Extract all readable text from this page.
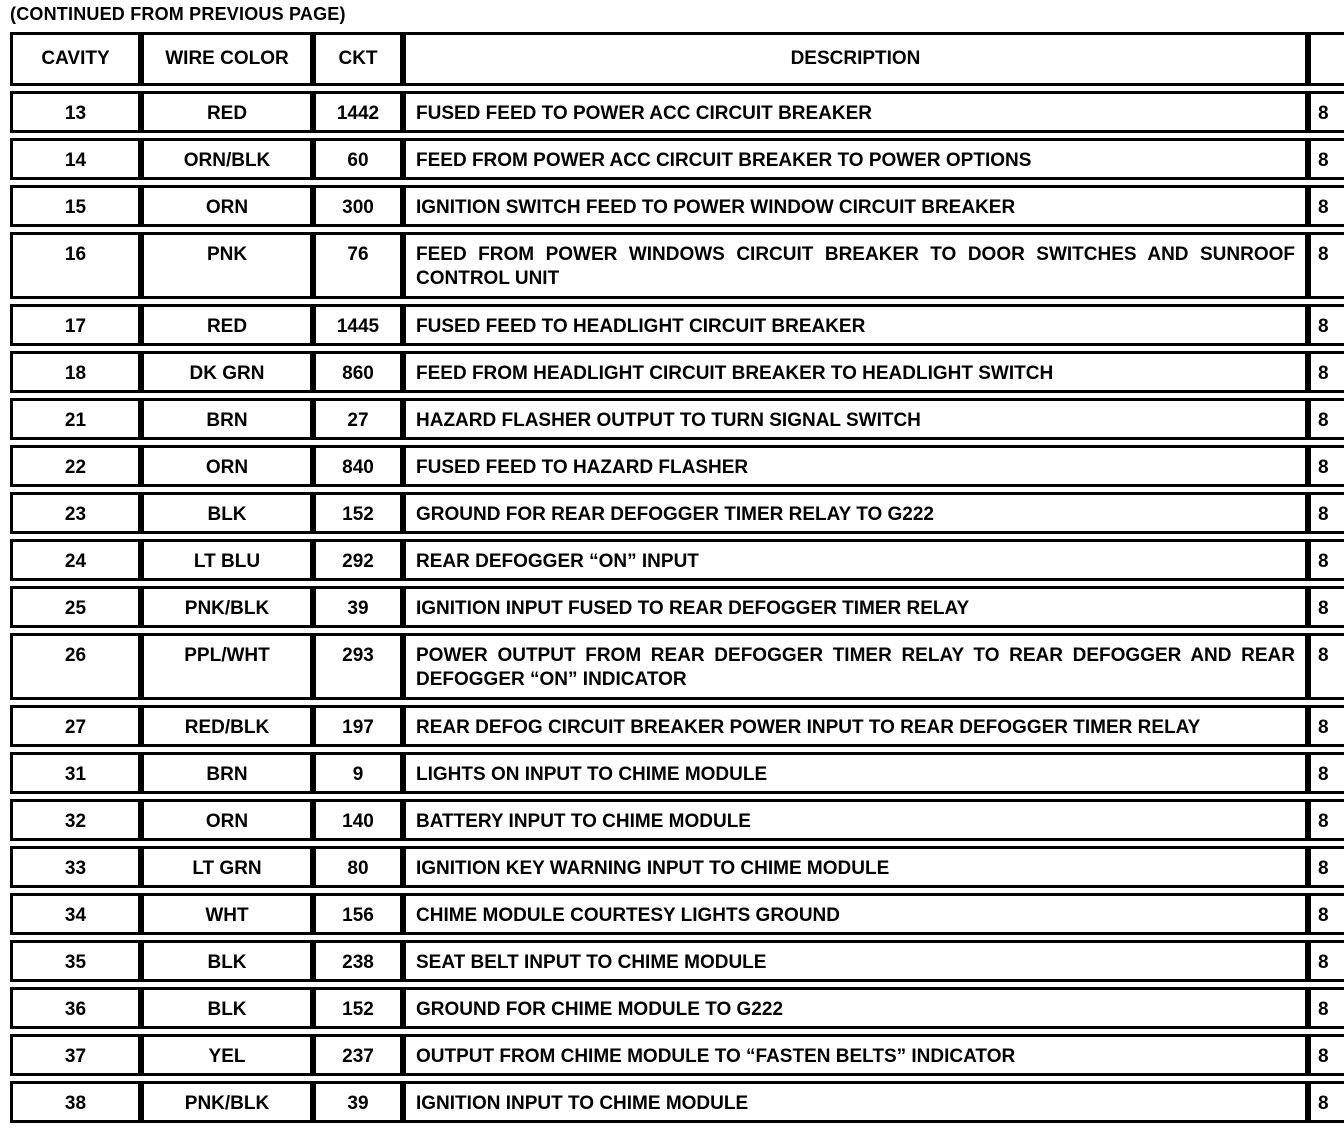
(CONTINUED FROM PREVIOUS PAGE)
CAVITY	WIRE COLOR	CKT	DESCRIPTION	

13	RED	1442	FUSED FEED TO POWER ACC CIRCUIT BREAKER	8

14	ORN/BLK	60	FEED FROM POWER ACC CIRCUIT BREAKER TO POWER OPTIONS	8

15	ORN	300	IGNITION SWITCH FEED TO POWER WINDOW CIRCUIT BREAKER	8

16	PNK	76	FEED FROM POWER WINDOWS CIRCUIT BREAKER TO DOOR SWITCHES AND SUNROOF CONTROL UNIT	8

17	RED	1445	FUSED FEED TO HEADLIGHT CIRCUIT BREAKER	8

18	DK GRN	860	FEED FROM HEADLIGHT CIRCUIT BREAKER TO HEADLIGHT SWITCH	8

21	BRN	27	HAZARD FLASHER OUTPUT TO TURN SIGNAL SWITCH	8

22	ORN	840	FUSED FEED TO HAZARD FLASHER	8

23	BLK	152	GROUND FOR REAR DEFOGGER TIMER RELAY TO G222	8

24	LT BLU	292	REAR DEFOGGER “ON” INPUT	8

25	PNK/BLK	39	IGNITION INPUT FUSED TO REAR DEFOGGER TIMER RELAY	8

26	PPL/WHT	293	POWER OUTPUT FROM REAR DEFOGGER TIMER RELAY TO REAR DEFOGGER AND REAR DEFOGGER “ON” INDICATOR	8

27	RED/BLK	197	REAR DEFOG CIRCUIT BREAKER POWER INPUT TO REAR DEFOGGER TIMER RELAY	8

31	BRN	9	LIGHTS ON INPUT TO CHIME MODULE	8

32	ORN	140	BATTERY INPUT TO CHIME MODULE	8

33	LT GRN	80	IGNITION KEY WARNING INPUT TO CHIME MODULE	8

34	WHT	156	CHIME MODULE COURTESY LIGHTS GROUND	8

35	BLK	238	SEAT BELT INPUT TO CHIME MODULE	8

36	BLK	152	GROUND FOR CHIME MODULE TO G222	8

37	YEL	237	OUTPUT FROM CHIME MODULE TO “FASTEN BELTS” INDICATOR	8

38	PNK/BLK	39	IGNITION INPUT TO CHIME MODULE	8
